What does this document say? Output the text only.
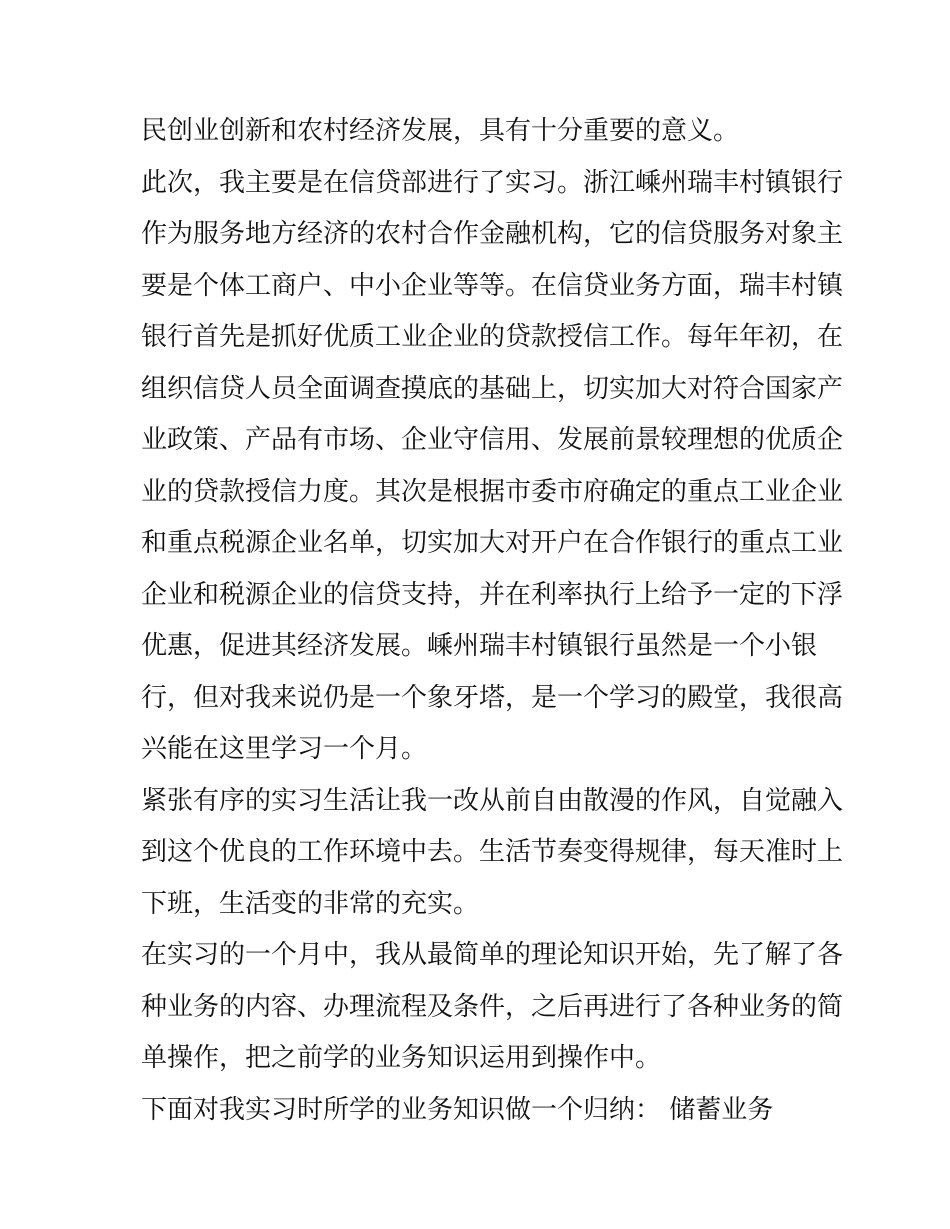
民创业创新和农村经济发展，具有十分重要的意义。
此次，我主要是在信贷部进行了实习。浙江嵊州瑞丰村镇银行
作为服务地方经济的农村合作金融机构，它的信贷服务对象主
要是个体工商户、中小企业等等。在信贷业务方面，瑞丰村镇
银行首先是抓好优质工业企业的贷款授信工作。每年年初，在
组织信贷人员全面调查摸底的基础上，切实加大对符合国家产
业政策、产品有市场、企业守信用、发展前景较理想的优质企
业的贷款授信力度。其次是根据市委市府确定的重点工业企业
和重点税源企业名单，切实加大对开户在合作银行的重点工业
企业和税源企业的信贷支持，并在利率执行上给予一定的下浮
优惠，促进其经济发展。嵊州瑞丰村镇银行虽然是一个小银
行，但对我来说仍是一个象牙塔，是一个学习的殿堂，我很高
兴能在这里学习一个月。
紧张有序的实习生活让我一改从前自由散漫的作风，自觉融入
到这个优良的工作环境中去。生活节奏变得规律，每天准时上
下班，生活变的非常的充实。
在实习的一个月中，我从最简单的理论知识开始，先了解了各
种业务的内容、办理流程及条件，之后再进行了各种业务的简
单操作，把之前学的业务知识运用到操作中。
下面对我实习时所学的业务知识做一个归纳： 储蓄业务
